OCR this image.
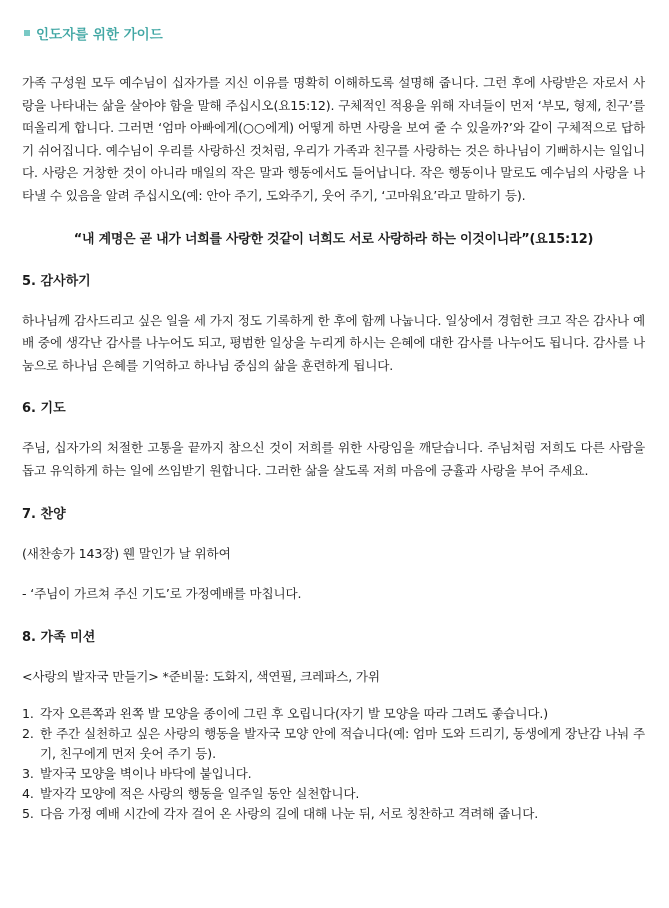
인도자를 위한 가이드

가족 구성원 모두 예수님이 십자가를 지신 이유를 명확히 이해하도록 설명해 줍니다. 그런 후에 사랑받은 자로서 사랑을 나타내는 삶을 살아야 함을 말해 주십시오(요15:12). 구체적인 적용을 위해 자녀들이 먼저 ‘부모, 형제, 친구’를 떠올리게 합니다. 그러면 ‘엄마 아빠에게(○○에게) 어떻게 하면 사랑을 보여 줄 수 있을까?’와 같이 구체적으로 답하기 쉬어집니다. 예수님이 우리를 사랑하신 것처럼, 우리가 가족과 친구를 사랑하는 것은 하나님이 기뻐하시는 일입니다. 사랑은 거창한 것이 아니라 매일의 작은 말과 행동에서도 들어납니다. 작은 행동이나 말로도 예수님의 사랑을 나타낼 수 있음을 알려 주십시오(예: 안아 주기, 도와주기, 웃어 주기, ‘고마워요’라고 말하기 등).

“내 계명은 곧 내가 너희를 사랑한 것같이 너희도 서로 사랑하라 하는 이것이니라”(요15:12)

5. 감사하기

하나님께 감사드리고 싶은 일을 세 가지 정도 기록하게 한 후에 함께 나눕니다. 일상에서 경험한 크고 작은 감사나 예배 중에 생각난 감사를 나누어도 되고, 평범한 일상을 누리게 하시는 은혜에 대한 감사를 나누어도 됩니다. 감사를 나눔으로 하나님 은혜를 기억하고 하나님 중심의 삶을 훈련하게 됩니다.

6. 기도

주님, 십자가의 처절한 고통을 끝까지 참으신 것이 저희를 위한 사랑임을 깨닫습니다. 주님처럼 저희도 다른 사람을 돕고 유익하게 하는 일에 쓰임받기 원합니다. 그러한 삶을 살도록 저희 마음에 긍휼과 사랑을 부어 주세요.

7. 찬양

(새찬송가 143장) 웬 말인가 날 위하여

- ‘주님이 가르쳐 주신 기도’로 가정예배를 마칩니다.

8. 가족 미션

<사랑의 발자국 만들기> *준비물: 도화지, 색연필, 크레파스, 가위

1. 각자 오른쪽과 왼쪽 발 모양을 종이에 그린 후 오립니다(자기 발 모양을 따라 그려도 좋습니다.)
2. 한 주간 실천하고 싶은 사랑의 행동을 발자국 모양 안에 적습니다(예: 엄마 도와 드리기, 동생에게 장난감 나눠 주기, 친구에게 먼저 웃어 주기 등).
3. 발자국 모양을 벽이나 바닥에 붙입니다.
4. 발자각 모양에 적은 사랑의 행동을 일주일 동안 실천합니다.
5. 다음 가정 예배 시간에 각자 걸어 온 사랑의 길에 대해 나눈 뒤, 서로 칭찬하고 격려해 줍니다.
